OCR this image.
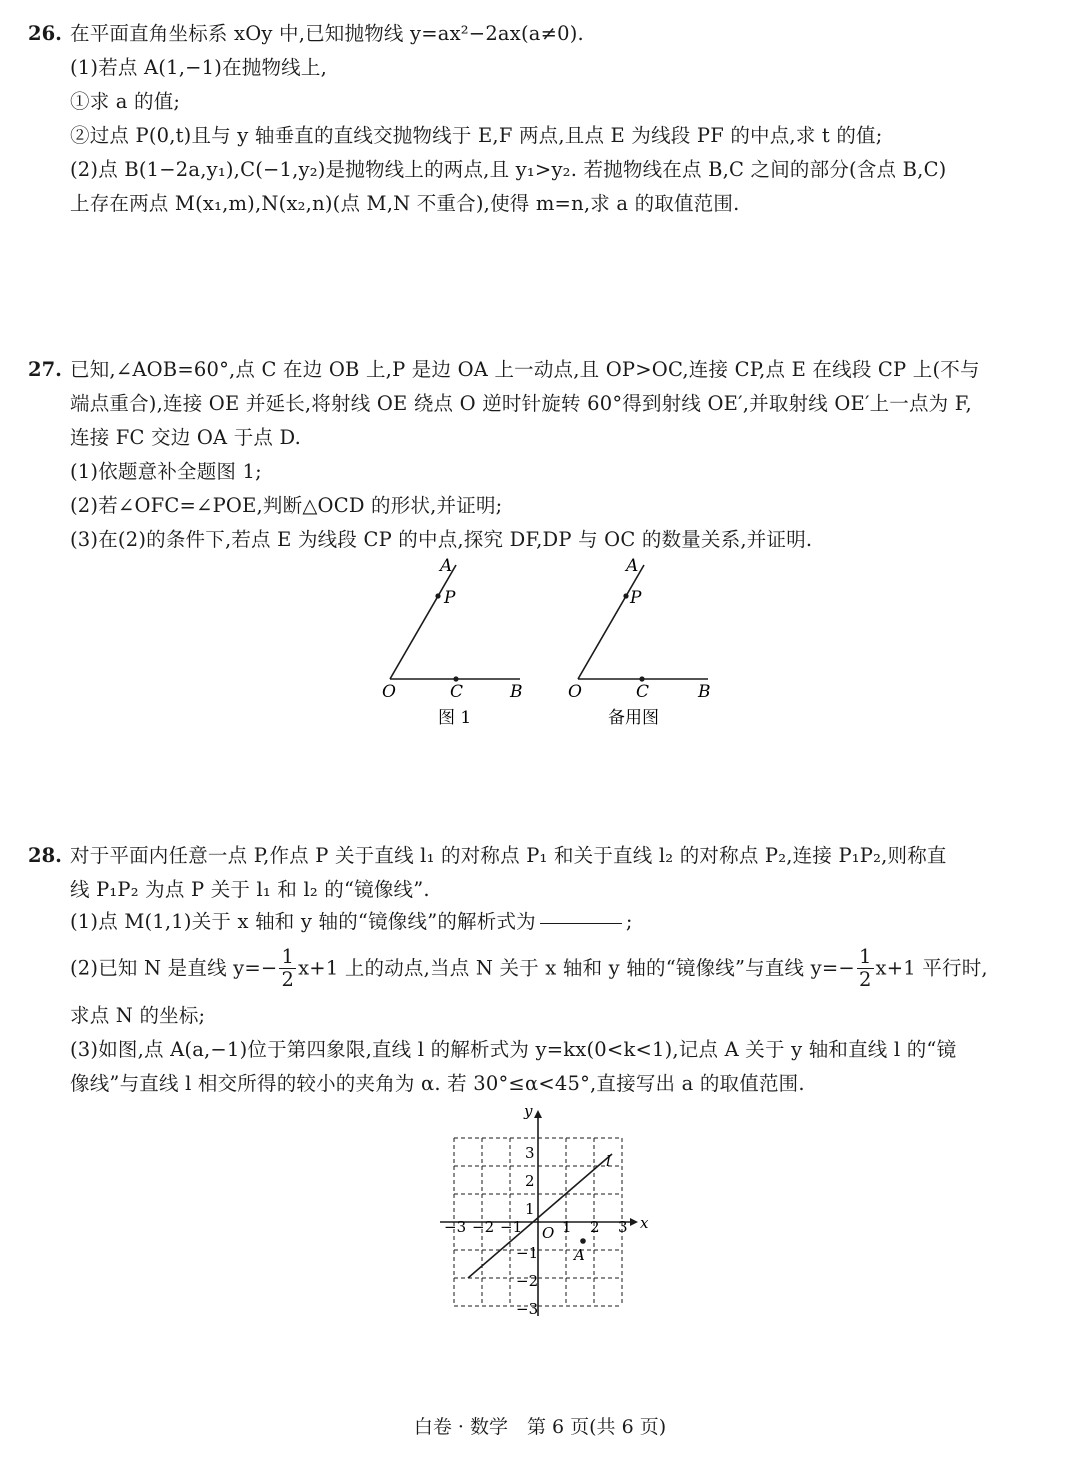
26. 在平面直角坐标系 xOy 中,已知抛物线 y=ax²−2ax(a≠0).
(1)若点 A(1,−1)在抛物线上,
①求 a 的值;
②过点 P(0,t)且与 y 轴垂直的直线交抛物线于 E,F 两点,且点 E 为线段 PF 的中点,求 t 的值;
(2)点 B(1−2a,y₁),C(−1,y₂)是抛物线上的两点,且 y₁>y₂. 若抛物线在点 B,C 之间的部分(含点 B,C)
上存在两点 M(x₁,m),N(x₂,n)(点 M,N 不重合),使得 m=n,求 a 的取值范围.
27. 已知,∠AOB=60°,点 C 在边 OB 上,P 是边 OA 上一动点,且 OP>OC,连接 CP,点 E 在线段 CP 上(不与
端点重合),连接 OE 并延长,将射线 OE 绕点 O 逆时针旋转 60°得到射线 OE′,并取射线 OE′上一点为 F,
连接 FC 交边 OA 于点 D.
(1)依题意补全题图 1;
(2)若∠OFC=∠POE,判断△OCD 的形状,并证明;
(3)在(2)的条件下,若点 E 为线段 CP 的中点,探究 DF,DP 与 OC 的数量关系,并证明.
A
P
O	C	B
图 1
A
P
O	C	B
备用图
28. 对于平面内任意一点 P,作点 P 关于直线 l₁ 的对称点 P₁ 和关于直线 l₂ 的对称点 P₂,连接 P₁P₂,则称直
线 P₁P₂ 为点 P 关于 l₁ 和 l₂ 的“镜像线”.
(1)点 M(1,1)关于 x 轴和 y 轴的“镜像线”的解析式为	;
(2)已知 N 是直线 $y=- \frac{1}{2} x+1$ 上的动点,当点 N 关于 x 轴和 y 轴的“镜像线”与直线 $y=- \frac{1}{2} x+1$ 平行时,
求点 N 的坐标;
(3)如图,点 A(a,−1)位于第四象限,直线 l 的解析式为 y=kx(0<k<1),记点 A 关于 y 轴和直线 l 的“镜
像线”与直线 l 相交所得的较小的夹角为 α. 若 30°≤α<45°,直接写出 a 的取值范围.
x
y
O
l
A
−3 −2 −1	1 2 3
3
2
1
−1
−2
−3
白卷 · 数学　第 6 页(共 6 页)
